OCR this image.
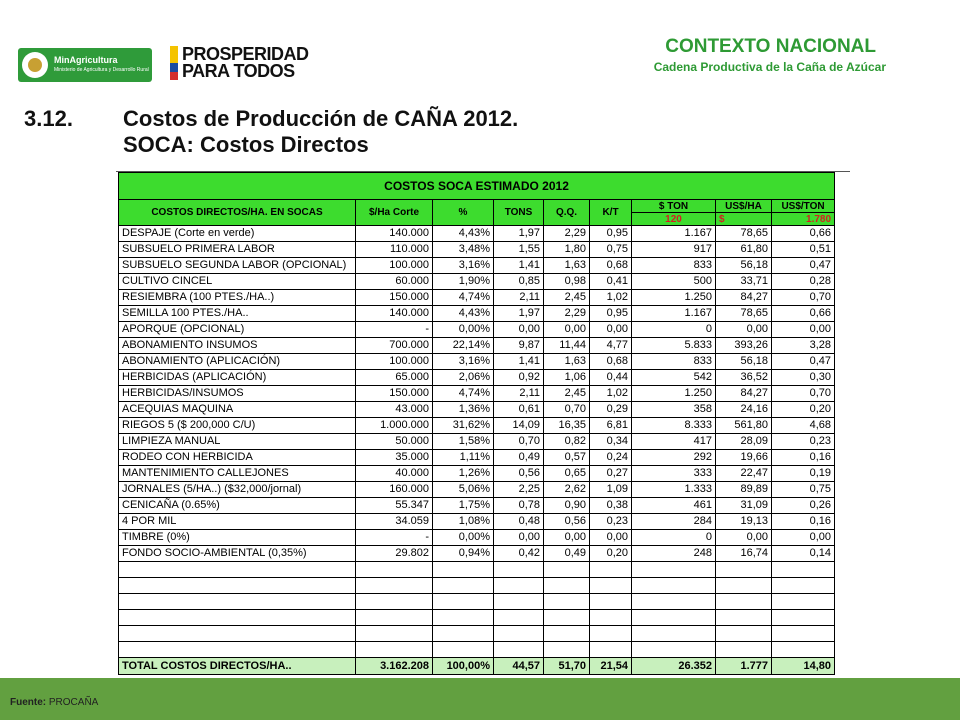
MinAgricultura
Ministerio de Agricultura y Desarrollo Rural
PROSPERIDAD
PARA TODOS
CONTEXTO NACIONAL
Cadena Productiva de la Caña de Azúcar
3.12. Costos de Producción de CAÑA 2012.
SOCA: Costos Directos
COSTOS SOCA ESTIMADO 2012								
COSTOS DIRECTOS/HA. EN SOCAS	$/Ha Corte	%	TONS	Q.Q.	K/T	$ TON	US$/HA	US$/TON
						120	$	1.780
DESPAJE (Corte en verde)	140.000	4,43%	1,97	2,29	0,95	1.167	78,65	0,66
SUBSUELO PRIMERA LABOR	110.000	3,48%	1,55	1,80	0,75	917	61,80	0,51
SUBSUELO SEGUNDA LABOR (OPCIONAL)	100.000	3,16%	1,41	1,63	0,68	833	56,18	0,47
CULTIVO CINCEL	60.000	1,90%	0,85	0,98	0,41	500	33,71	0,28
RESIEMBRA (100 PTES./HA..)	150.000	4,74%	2,11	2,45	1,02	1.250	84,27	0,70
SEMILLA 100 PTES./HA..	140.000	4,43%	1,97	2,29	0,95	1.167	78,65	0,66
APORQUE (OPCIONAL)	-	0,00%	0,00	0,00	0,00	0	0,00	0,00
ABONAMIENTO INSUMOS	700.000	22,14%	9,87	11,44	4,77	5.833	393,26	3,28
ABONAMIENTO (APLICACIÓN)	100.000	3,16%	1,41	1,63	0,68	833	56,18	0,47
HERBICIDAS (APLICACIÓN)	65.000	2,06%	0,92	1,06	0,44	542	36,52	0,30
HERBICIDAS/INSUMOS	150.000	4,74%	2,11	2,45	1,02	1.250	84,27	0,70
ACEQUIAS MAQUINA	43.000	1,36%	0,61	0,70	0,29	358	24,16	0,20
RIEGOS 5 ($ 200,000 C/U)	1.000.000	31,62%	14,09	16,35	6,81	8.333	561,80	4,68
LIMPIEZA MANUAL	50.000	1,58%	0,70	0,82	0,34	417	28,09	0,23
RODEO CON HERBICIDA	35.000	1,11%	0,49	0,57	0,24	292	19,66	0,16
MANTENIMIENTO CALLEJONES	40.000	1,26%	0,56	0,65	0,27	333	22,47	0,19
JORNALES (5/HA..) ($32,000/jornal)	160.000	5,06%	2,25	2,62	1,09	1.333	89,89	0,75
CENICAÑA (0.65%)	55.347	1,75%	0,78	0,90	0,38	461	31,09	0,26
4 POR MIL	34.059	1,08%	0,48	0,56	0,23	284	19,13	0,16
TIMBRE (0%)	-	0,00%	0,00	0,00	0,00	0	0,00	0,00
FONDO SOCIO-AMBIENTAL (0,35%)	29.802	0,94%	0,42	0,49	0,20	248	16,74	0,14

TOTAL COSTOS DIRECTOS/HA..	3.162.208	100,00%	44,57	51,70	21,54	26.352	1.777	14,80
Fuente: PROCAÑA
